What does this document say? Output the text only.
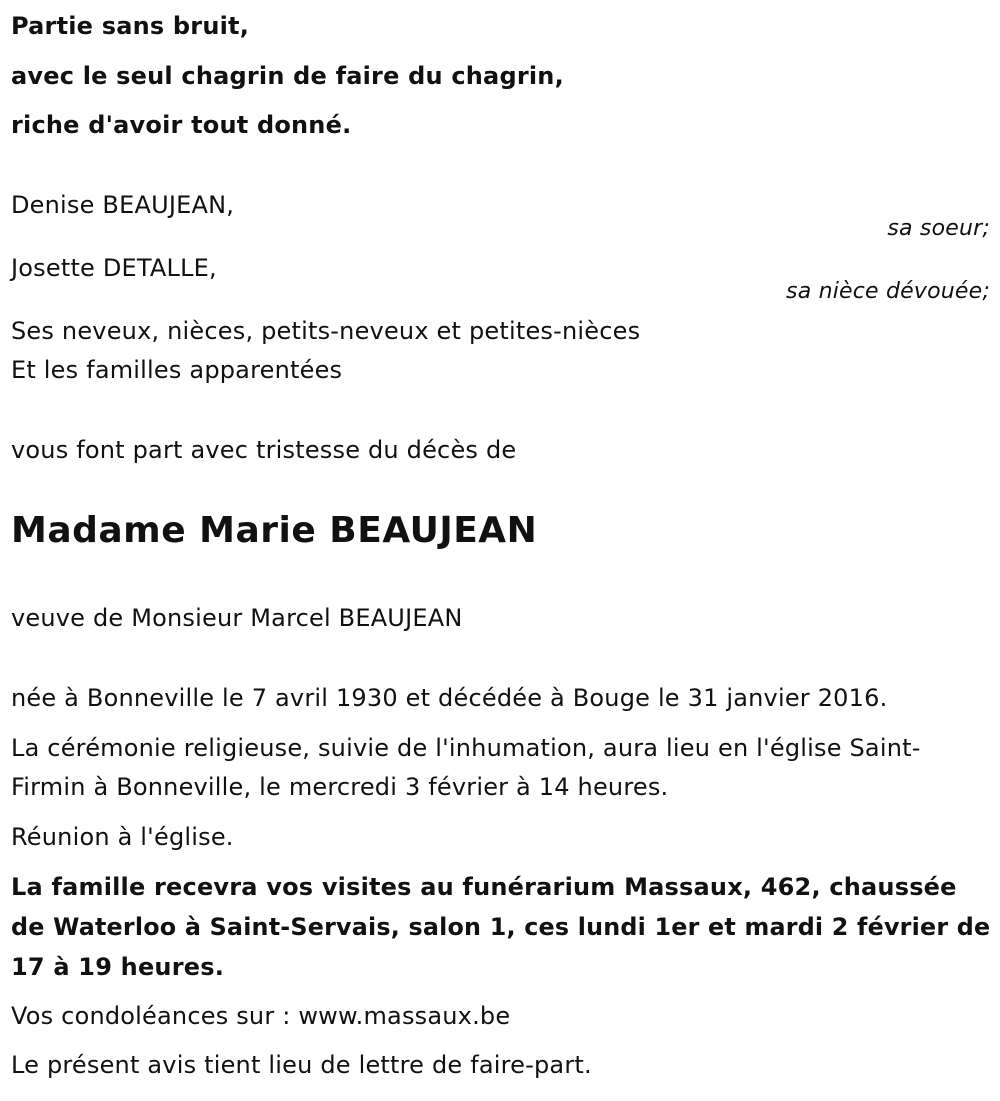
Partie sans bruit,
avec le seul chagrin de faire du chagrin,
riche d'avoir tout donné.
Denise BEAUJEAN,
sa soeur;
Josette DETALLE,
sa nièce dévouée;
Ses neveux, nièces, petits-neveux et petites-nièces
Et les familles apparentées
vous font part avec tristesse du décès de
Madame Marie BEAUJEAN
veuve de Monsieur Marcel BEAUJEAN
née à Bonneville le 7 avril 1930 et décédée à Bouge le 31 janvier 2016.
La cérémonie religieuse, suivie de l'inhumation, aura lieu en l'église Saint-
Firmin à Bonneville, le mercredi 3 février à 14 heures.
Réunion à l'église.
La famille recevra vos visites au funérarium Massaux, 462, chaussée
de Waterloo à Saint-Servais, salon 1, ces lundi 1er et mardi 2 février de
17 à 19 heures.
Vos condoléances sur : www.massaux.be
Le présent avis tient lieu de lettre de faire-part.
